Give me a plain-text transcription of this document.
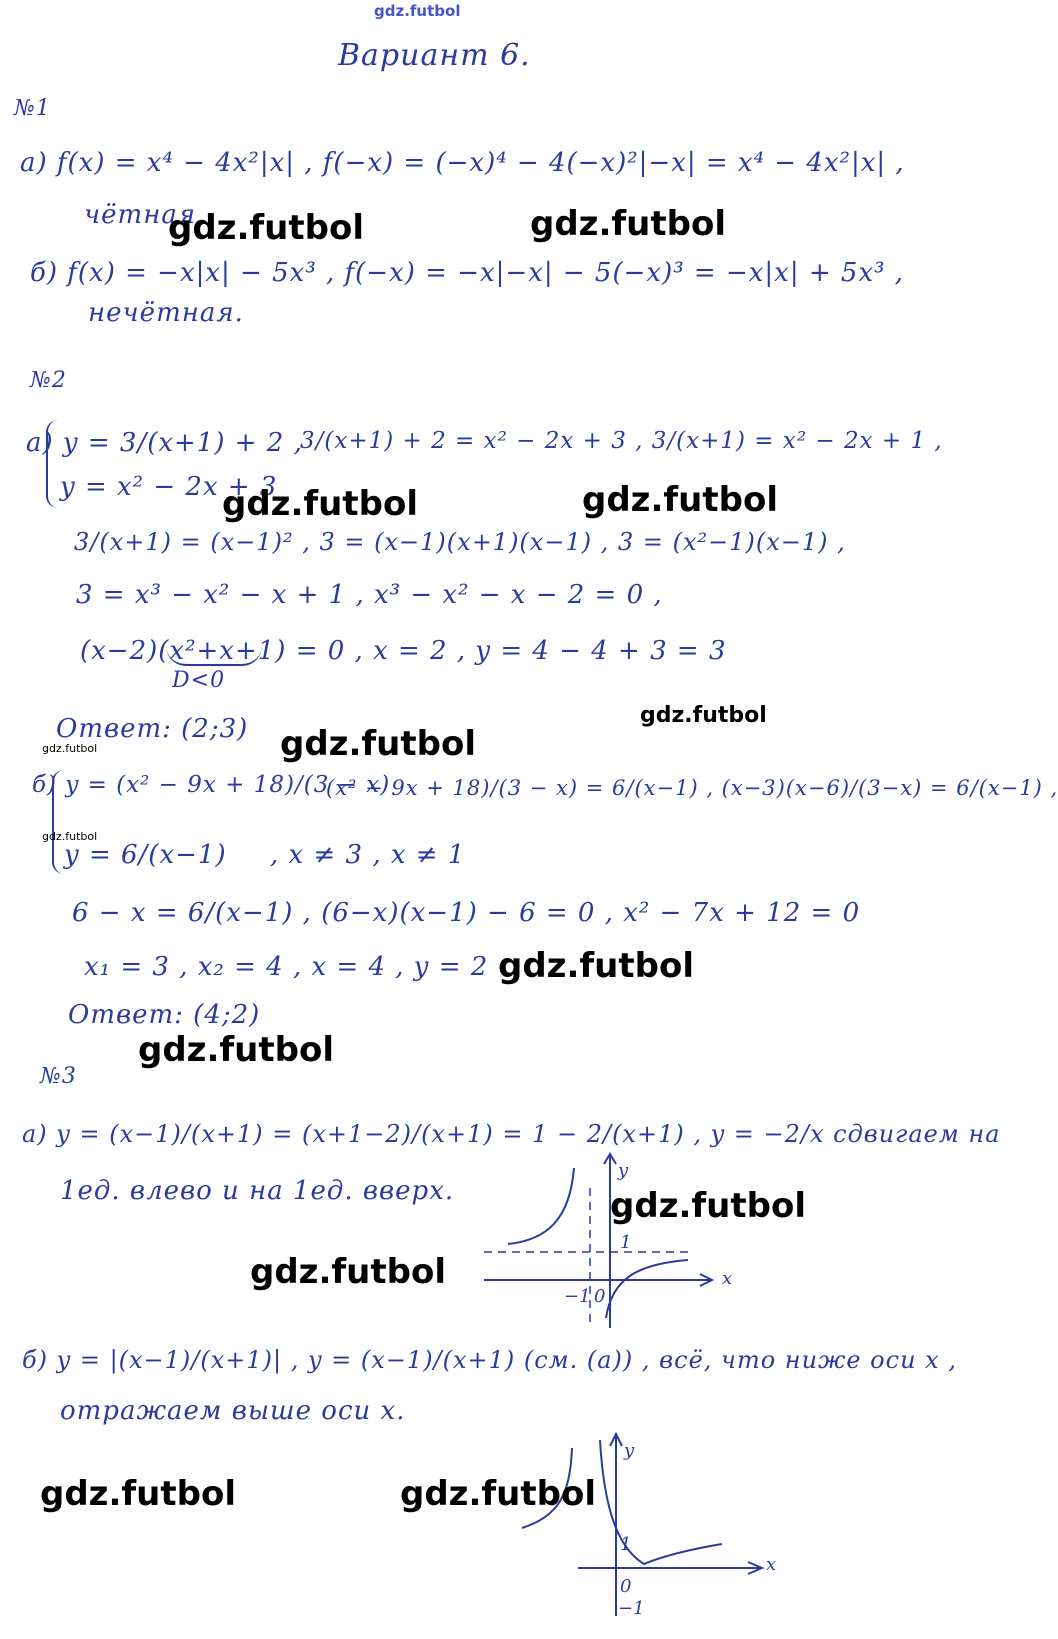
gdz.futbol
Вариант 6.
№1
а) f(x) = x⁴ − 4x²|x| , f(−x) = (−x)⁴ − 4(−x)²|−x| = x⁴ − 4x²|x| ,
чётная.
б) f(x) = −x|x| − 5x³ , f(−x) = −x|−x| − 5(−x)³ = −x|x| + 5x³ ,
нечётная.
№2
а) y = 3/(x+1) + 2 ,
y = x² − 2x + 3
3/(x+1) + 2 = x² − 2x + 3 , 3/(x+1) = x² − 2x + 1 ,
3/(x+1) = (x−1)² , 3 = (x−1)(x+1)(x−1) , 3 = (x²−1)(x−1) ,
3 = x³ − x² − x + 1 , x³ − x² − x − 2 = 0 ,
(x−2)(x²+x+1) = 0 , x = 2 , y = 4 − 4 + 3 = 3
D<0
Ответ: (2;3)
б) y = (x² − 9x + 18)/(3 − x)
(x² − 9x + 18)/(3 − x) = 6/(x−1) , (x−3)(x−6)/(3−x) = 6/(x−1) ,
y = 6/(x−1) , x ≠ 3 , x ≠ 1
6 − x = 6/(x−1) , (6−x)(x−1) − 6 = 0 , x² − 7x + 12 = 0
x₁ = 3 , x₂ = 4 , x = 4 , y = 2
Ответ: (4;2)
№3
а) y = (x−1)/(x+1) = (x+1−2)/(x+1) = 1 − 2/(x+1) , y = −2/x сдвигаем на
1ед. влево и на 1ед. вверх.
y
x
1
0
−1
б) y = |(x−1)/(x+1)| , y = (x−1)/(x+1) (см. (а)) , всё, что ниже оси x ,
отражаем выше оси x.
y
x
1
0
−1
gdz.futbol	gdz.futbol
gdz.futbol	gdz.futbol
gdz.futbol
gdz.futbol
gdz.futbol
gdz.futbol
gdz.futbol
gdz.futbol
gdz.futbol
gdz.futbol
gdz.futbol	gdz.futbol
